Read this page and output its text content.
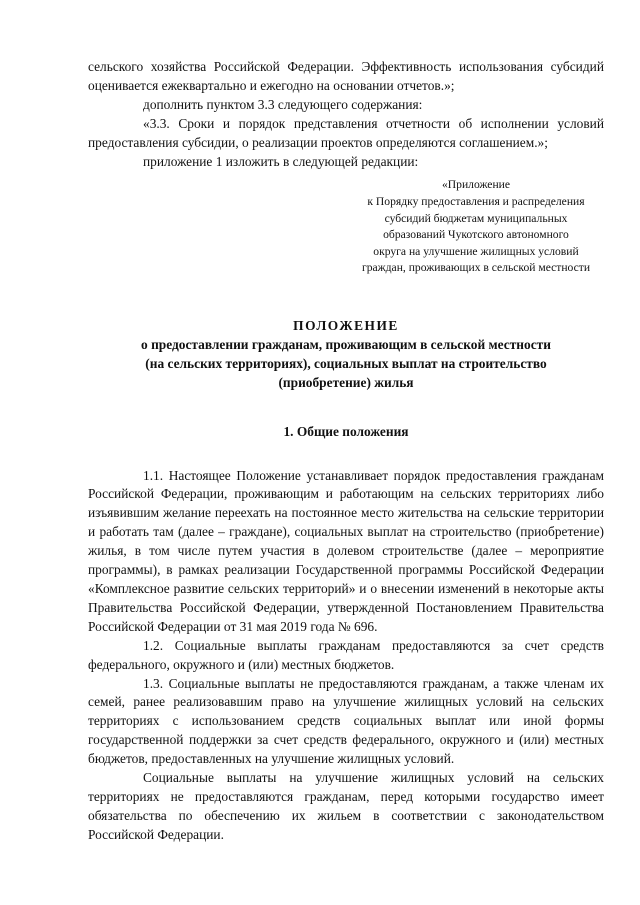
сельского хозяйства Российской Федерации. Эффективность использования субсидий оценивается ежеквартально и ежегодно на основании отчетов.»;

дополнить пунктом 3.3 следующего содержания:

«3.3. Сроки и порядок представления отчетности об исполнении условий предоставления субсидии, о реализации проектов определяются соглашением.»;

приложение 1 изложить в следующей редакции:

«Приложение
к Порядку предоставления и распределения
субсидий бюджетам муниципальных
образований Чукотского автономного
округа на улучшение жилищных условий
граждан, проживающих в сельской местности
ПОЛОЖЕНИЕ
о предоставлении гражданам, проживающим в сельской местности
(на сельских территориях), социальных выплат на строительство
(приобретение) жилья
1. Общие положения

1.1. Настоящее Положение устанавливает порядок предоставления гражданам Российской Федерации, проживающим и работающим на сельских территориях либо изъявившим желание переехать на постоянное место жительства на сельские территории и работать там (далее – граждане), социальных выплат на строительство (приобретение) жилья, в том числе путем участия в долевом строительстве (далее – мероприятие программы), в рамках реализации Государственной программы Российской Федерации «Комплексное развитие сельских территорий» и о внесении изменений в некоторые акты Правительства Российской Федерации, утвержденной Постановлением Правительства Российской Федерации от 31 мая 2019 года № 696.

1.2. Социальные выплаты гражданам предоставляются за счет средств федерального, окружного и (или) местных бюджетов.

1.3. Социальные выплаты не предоставляются гражданам, а также членам их семей, ранее реализовавшим право на улучшение жилищных условий на сельских территориях с использованием средств социальных выплат или иной формы государственной поддержки за счет средств федерального, окружного и (или) местных бюджетов, предоставленных на улучшение жилищных условий.

Социальные выплаты на улучшение жилищных условий на сельских территориях не предоставляются гражданам, перед которыми государство имеет обязательства по обеспечению их жильем в соответствии с законодательством Российской Федерации.
